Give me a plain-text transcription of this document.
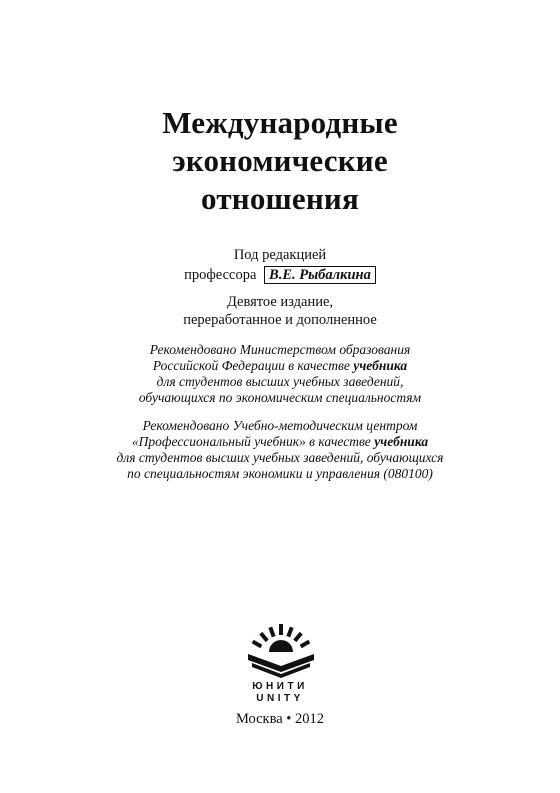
Международные
экономические
отношения
Под редакцией
профессора В.Е. Рыбалкина
Девятое издание,
переработанное и дополненное
Рекомендовано Министерством образования
Российской Федерации в качестве учебника
для студентов высших учебных заведений,
обучающихся по экономическим специальностям
Рекомендовано Учебно-методическим центром
«Профессиональный учебник» в качестве учебника
для студентов высших учебных заведений, обучающихся
по специальностям экономики и управления (080100)
ЮНИТИ
UNITY
Москва • 2012
